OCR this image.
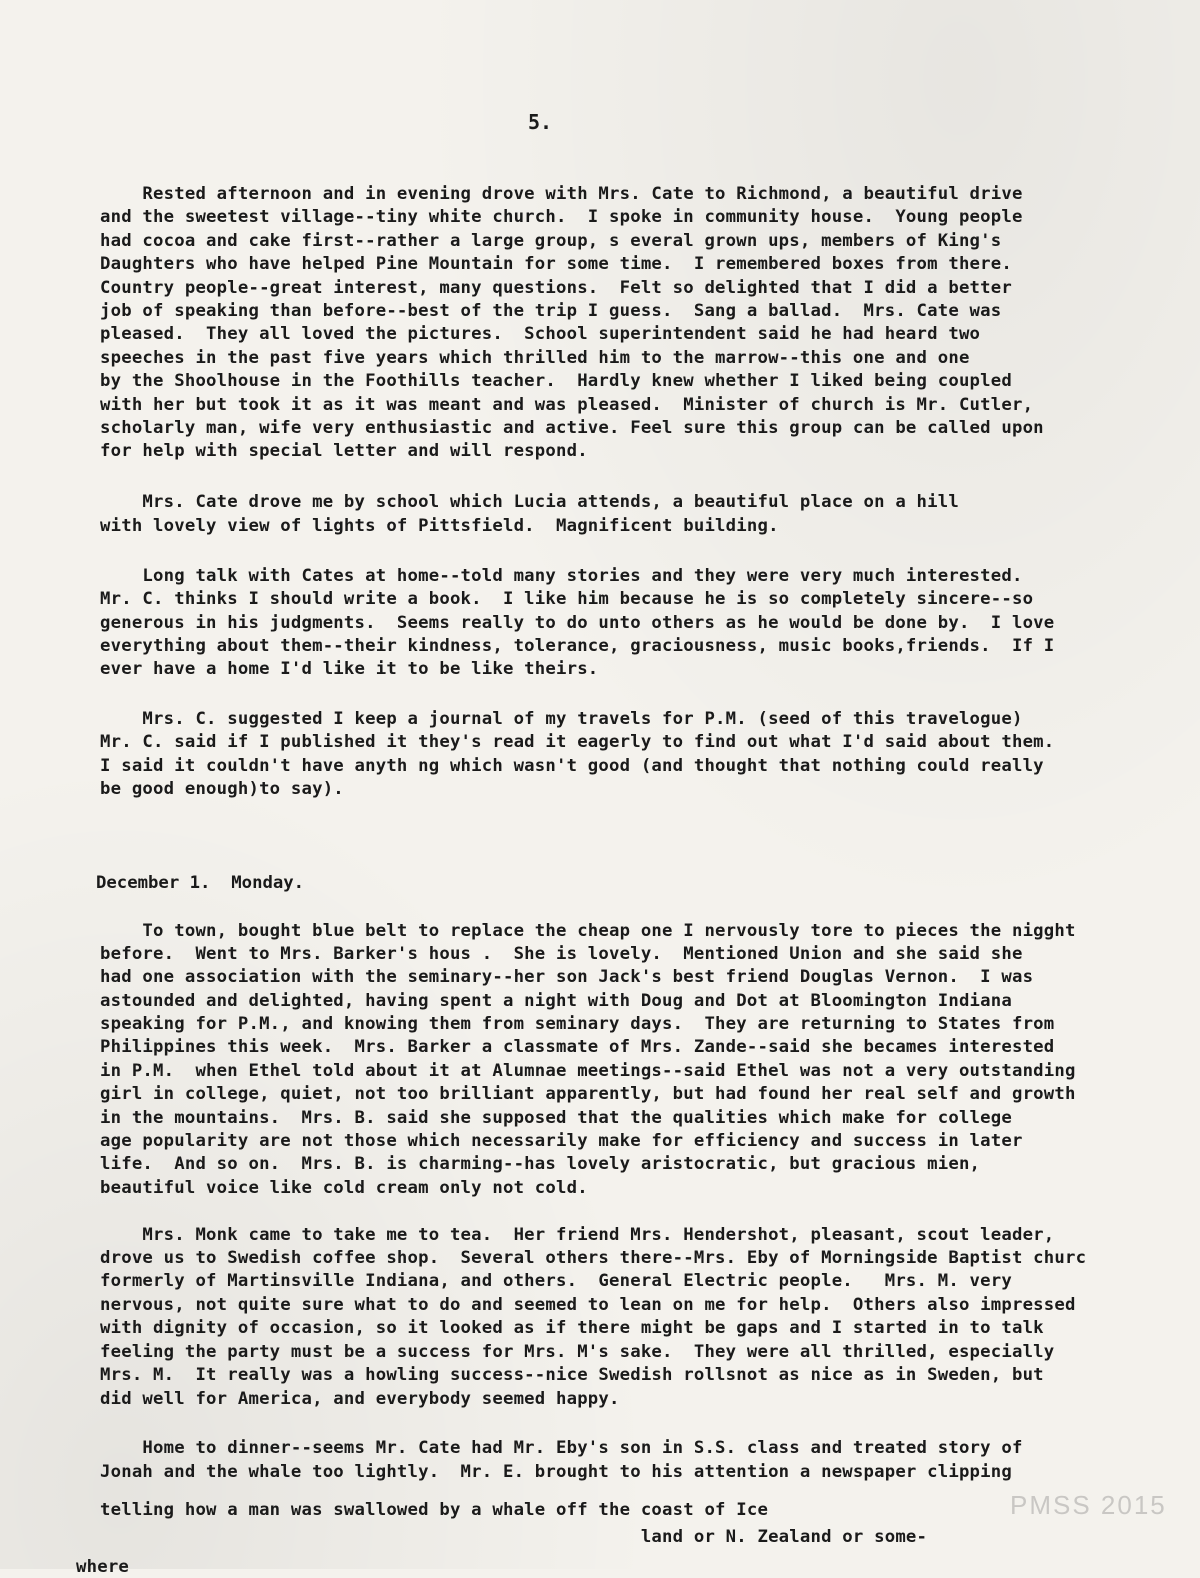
5.
Rested afternoon and in evening drove with Mrs. Cate to Richmond, a beautiful drive
and the sweetest village--tiny white church.  I spoke in community house.  Young people
had cocoa and cake first--rather a large group, s everal grown ups, members of King's
Daughters who have helped Pine Mountain for some time.  I remembered boxes from there.
Country people--great interest, many questions.  Felt so delighted that I did a better
job of speaking than before--best of the trip I guess.  Sang a ballad.  Mrs. Cate was
pleased.  They all loved the pictures.  School superintendent said he had heard two
speeches in the past five years which thrilled him to the marrow--this one and one
by the Shoolhouse in the Foothills teacher.  Hardly knew whether I liked being coupled
with her but took it as it was meant and was pleased.  Minister of church is Mr. Cutler,
scholarly man, wife very enthusiastic and active. Feel sure this group can be called upon
for help with special letter and will respond.
Mrs. Cate drove me by school which Lucia attends, a beautiful place on a hill
with lovely view of lights of Pittsfield.  Magnificent building.
Long talk with Cates at home--told many stories and they were very much interested.
Mr. C. thinks I should write a book.  I like him because he is so completely sincere--so
generous in his judgments.  Seems really to do unto others as he would be done by.  I love
everything about them--their kindness, tolerance, graciousness, music books,friends.  If I
ever have a home I'd like it to be like theirs.
Mrs. C. suggested I keep a journal of my travels for P.M. (seed of this travelogue)
Mr. C. said if I published it they's read it eagerly to find out what I'd said about them.
I said it couldn't have anyth ng which wasn't good (and thought that nothing could really
be good enough)to say).
December 1.  Monday.
To town, bought blue belt to replace the cheap one I nervously tore to pieces the nigght
before.  Went to Mrs. Barker's hous .  She is lovely.  Mentioned Union and she said she
had one association with the seminary--her son Jack's best friend Douglas Vernon.  I was
astounded and delighted, having spent a night with Doug and Dot at Bloomington Indiana
speaking for P.M., and knowing them from seminary days.  They are returning to States from
Philippines this week.  Mrs. Barker a classmate of Mrs. Zande--said she becames interested
in P.M.  when Ethel told about it at Alumnae meetings--said Ethel was not a very outstanding
girl in college, quiet, not too brilliant apparently, but had found her real self and growth
in the mountains.  Mrs. B. said she supposed that the qualities which make for college
age popularity are not those which necessarily make for efficiency and success in later
life.  And so on.  Mrs. B. is charming--has lovely aristocratic, but gracious mien,
beautiful voice like cold cream only not cold.
Mrs. Monk came to take me to tea.  Her friend Mrs. Hendershot, pleasant, scout leader,
drove us to Swedish coffee shop.  Several others there--Mrs. Eby of Morningside Baptist churc
formerly of Martinsville Indiana, and others.  General Electric people.   Mrs. M. very
nervous, not quite sure what to do and seemed to lean on me for help.  Others also impressed
with dignity of occasion, so it looked as if there might be gaps and I started in to talk
feeling the party must be a success for Mrs. M's sake.  They were all thrilled, especially
Mrs. M.  It really was a howling success--nice Swedish rollsnot as nice as in Sweden, but
did well for America, and everybody seemed happy.
Home to dinner--seems Mr. Cate had Mr. Eby's son in S.S. class and treated story of
Jonah and the whale too lightly.  Mr. E. brought to his attention a newspaper clipping
telling how a man was swallowed by a whale off the coast of Ice
land or N. Zealand or some-
where
PMSS 2015
